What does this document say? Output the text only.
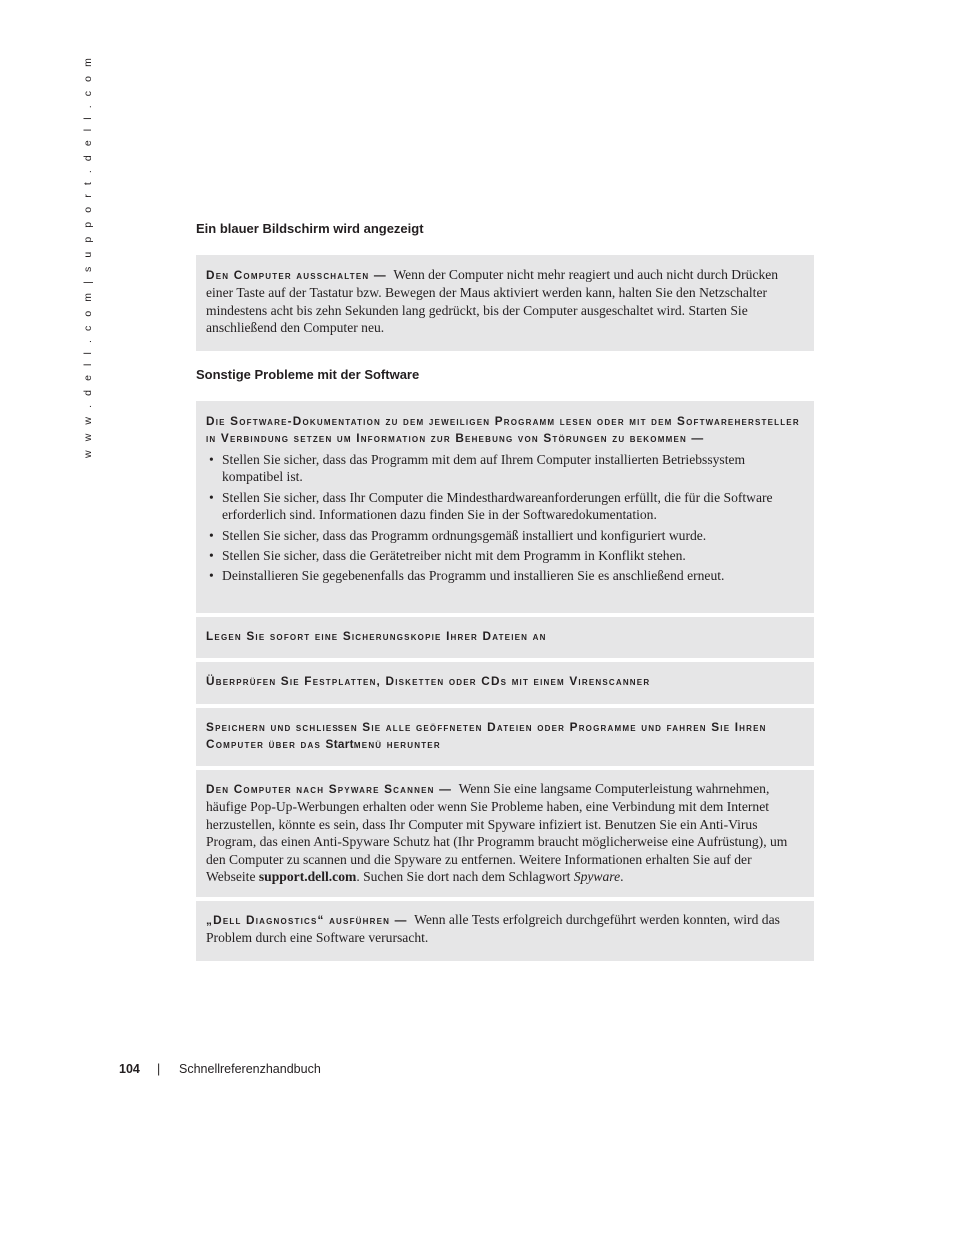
w w w . d e l l . c o m | s u p p o r t . d e l l . c o m	Ein blauer Bildschirm wird angezeigt
Den Computer ausschalten — Wenn der Computer nicht mehr reagiert und auch nicht durch Drücken einer Taste auf der Tastatur bzw. Bewegen der Maus aktiviert werden kann, halten Sie den Netzschalter mindestens acht bis zehn Sekunden lang gedrückt, bis der Computer ausgeschaltet wird. Starten Sie anschließend den Computer neu.
Sonstige Probleme mit der Software
Die Software-Dokumentation zu dem jeweiligen Programm lesen oder mit dem Softwarehersteller in Verbindung setzen um Information zur Behebung von Störungen zu bekommen —
• Stellen Sie sicher, dass das Programm mit dem auf Ihrem Computer installierten Betriebssystem kompatibel ist.
• Stellen Sie sicher, dass Ihr Computer die Mindesthardwareanforderungen erfüllt, die für die Software erforderlich sind. Informationen dazu finden Sie in der Softwaredokumentation.
• Stellen Sie sicher, dass das Programm ordnungsgemäß installiert und konfiguriert wurde.
• Stellen Sie sicher, dass die Gerätetreiber nicht mit dem Programm in Konflikt stehen.
• Deinstallieren Sie gegebenenfalls das Programm und installieren Sie es anschließend erneut.
Legen Sie sofort eine Sicherungskopie Ihrer Dateien an
Überprüfen Sie Festplatten, Disketten oder CDs mit einem Virenscanner
Speichern und schließen Sie alle geöffneten Dateien oder Programme und fahren Sie Ihren Computer über das Startmenü herunter
Den Computer nach Spyware Scannen — Wenn Sie eine langsame Computerleistung wahrnehmen, häufige Pop-Up-Werbungen erhalten oder wenn Sie Probleme haben, eine Verbindung mit dem Internet herzustellen, könnte es sein, dass Ihr Computer mit Spyware infiziert ist. Benutzen Sie ein Anti-Virus Program, das einen Anti-Spyware Schutz hat (Ihr Programm braucht möglicherweise eine Aufrüstung), um den Computer zu scannen und die Spyware zu entfernen. Weitere Informationen erhalten Sie auf der Webseite support.dell.com. Suchen Sie dort nach dem Schlagwort Spyware.
„Dell Diagnostics“ ausführen — Wenn alle Tests erfolgreich durchgeführt werden konnten, wird das Problem durch eine Software verursacht.
104 | Schnellreferenzhandbuch
